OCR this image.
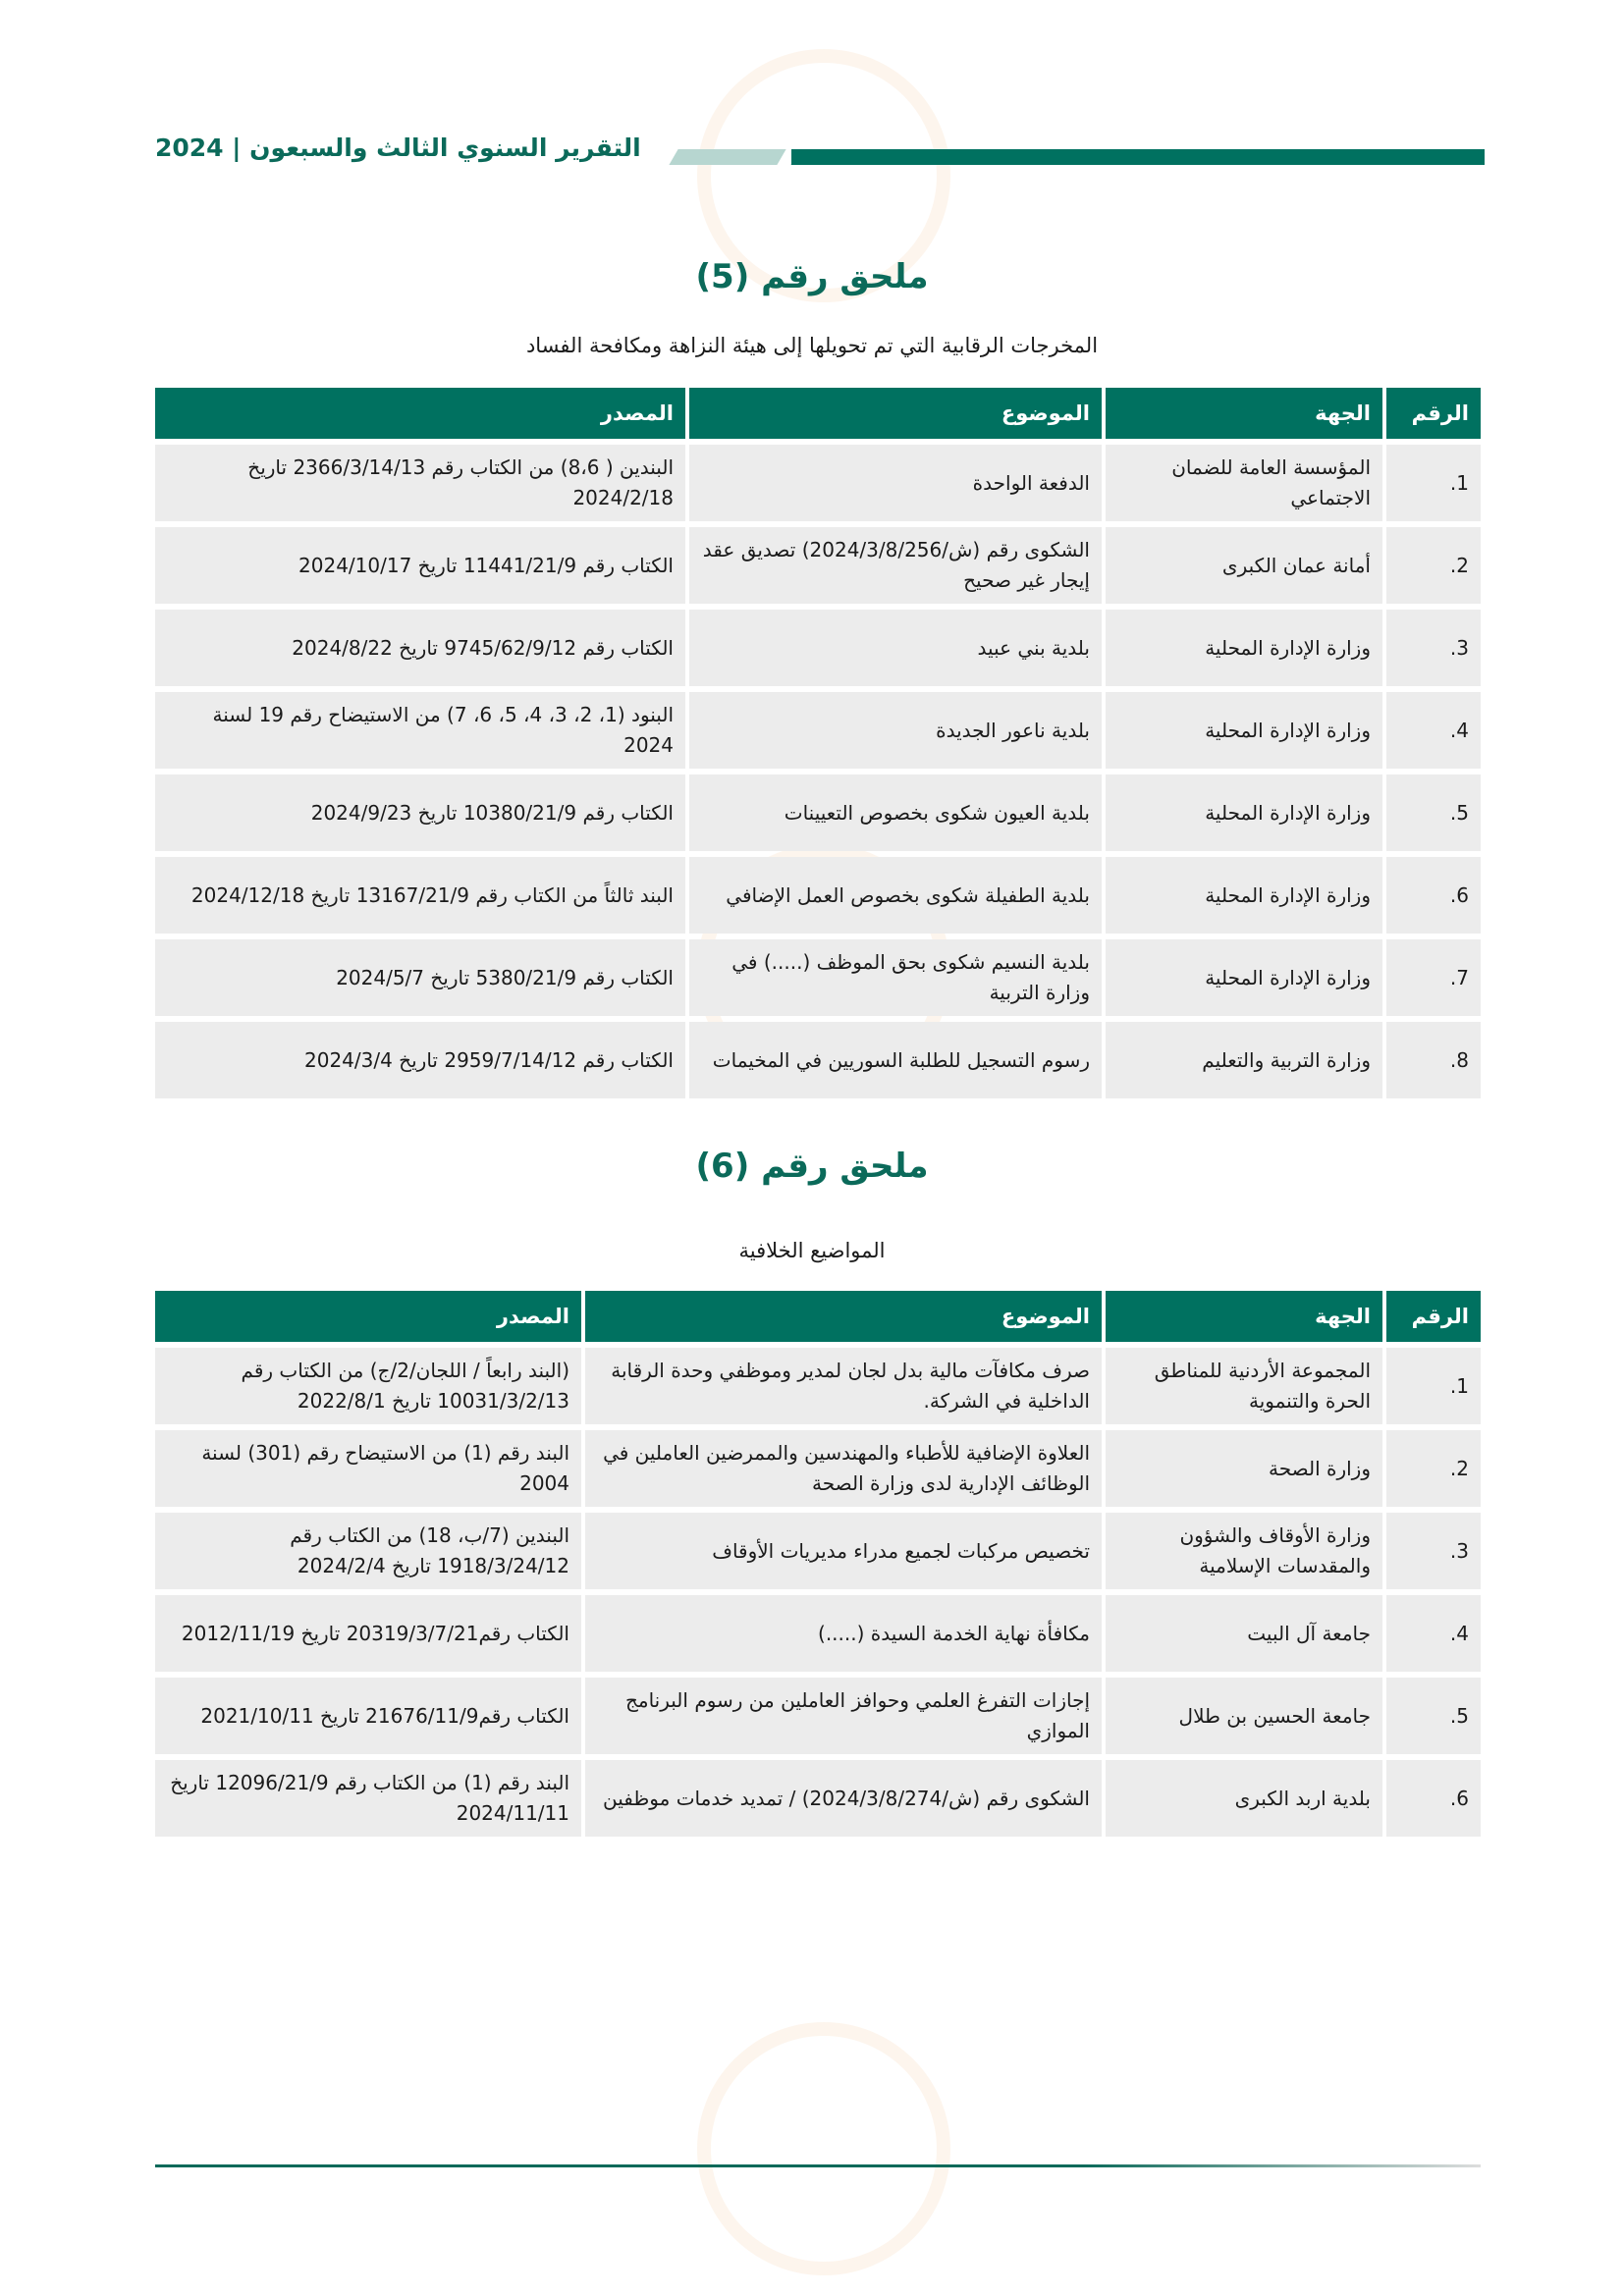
التقرير السنوي الثالث والسبعون | 2024
ملحق رقم (5)
المخرجات الرقابية التي تم تحويلها إلى هيئة النزاهة ومكافحة الفساد
الرقم	الجهة	الموضوع	المصدر
1.	المؤسسة العامة للضمان الاجتماعي	الدفعة الواحدة	البندين ( 8،6) من الكتاب رقم 2366/3/14/13 تاريخ 2024/2/18
2.	أمانة عمان الكبرى	الشكوى رقم (ش/2024/3/8/256) تصديق عقد إيجار غير صحيح	الكتاب رقم 11441/21/9 تاريخ 2024/10/17
3.	وزارة الإدارة المحلية	بلدية بني عبيد	الكتاب رقم 9745/62/9/12 تاريخ 2024/8/22
4.	وزارة الإدارة المحلية	بلدية ناعور الجديدة	البنود (1، 2، 3، 4، 5، 6، 7) من الاستيضاح رقم 19 لسنة 2024
5.	وزارة الإدارة المحلية	بلدية العيون شكوى بخصوص التعيينات	الكتاب رقم 10380/21/9 تاريخ 2024/9/23
6.	وزارة الإدارة المحلية	بلدية الطفيلة شكوى بخصوص العمل الإضافي	البند ثالثاً من الكتاب رقم 13167/21/9 تاريخ 2024/12/18
7.	وزارة الإدارة المحلية	بلدية النسيم شكوى بحق الموظف (.....) في وزارة التربية	الكتاب رقم 5380/21/9 تاريخ 2024/5/7
8.	وزارة التربية والتعليم	رسوم التسجيل للطلبة السوريين في المخيمات	الكتاب رقم 2959/7/14/12 تاريخ 2024/3/4
ملحق رقم (6)
المواضيع الخلافية
الرقم	الجهة	الموضوع	المصدر
1.	المجموعة الأردنية للمناطق الحرة والتنموية	صرف مكافآت مالية بدل لجان لمدير وموظفي وحدة الرقابة الداخلية في الشركة.	(البند رابعاً / اللجان/2/ج) من الكتاب رقم 10031/3/2/13 تاريخ 2022/8/1
2.	وزارة الصحة	العلاوة الإضافية للأطباء والمهندسين والممرضين العاملين في الوظائف الإدارية لدى وزارة الصحة	البند رقم (1) من الاستيضاح رقم (301) لسنة 2004
3.	وزارة الأوقاف والشؤون والمقدسات الإسلامية	تخصيص مركبات لجميع مدراء مديريات الأوقاف	البندين (7/ب، 18) من الكتاب رقم 1918/3/24/12 تاريخ 2024/2/4
4.	جامعة آل البيت	مكافأة نهاية الخدمة السيدة (.....)	الكتاب رقم20319/3/7/21 تاريخ 2012/11/19
5.	جامعة الحسين بن طلال	إجازات التفرغ العلمي وحوافز العاملين من رسوم البرنامج الموازي	الكتاب رقم21676/11/9 تاريخ 2021/10/11
6.	بلدية اربد الكبرى	الشكوى رقم (ش/2024/3/8/274) / تمديد خدمات موظفين	البند رقم (1) من الكتاب رقم 12096/21/9 تاريخ 2024/11/11
